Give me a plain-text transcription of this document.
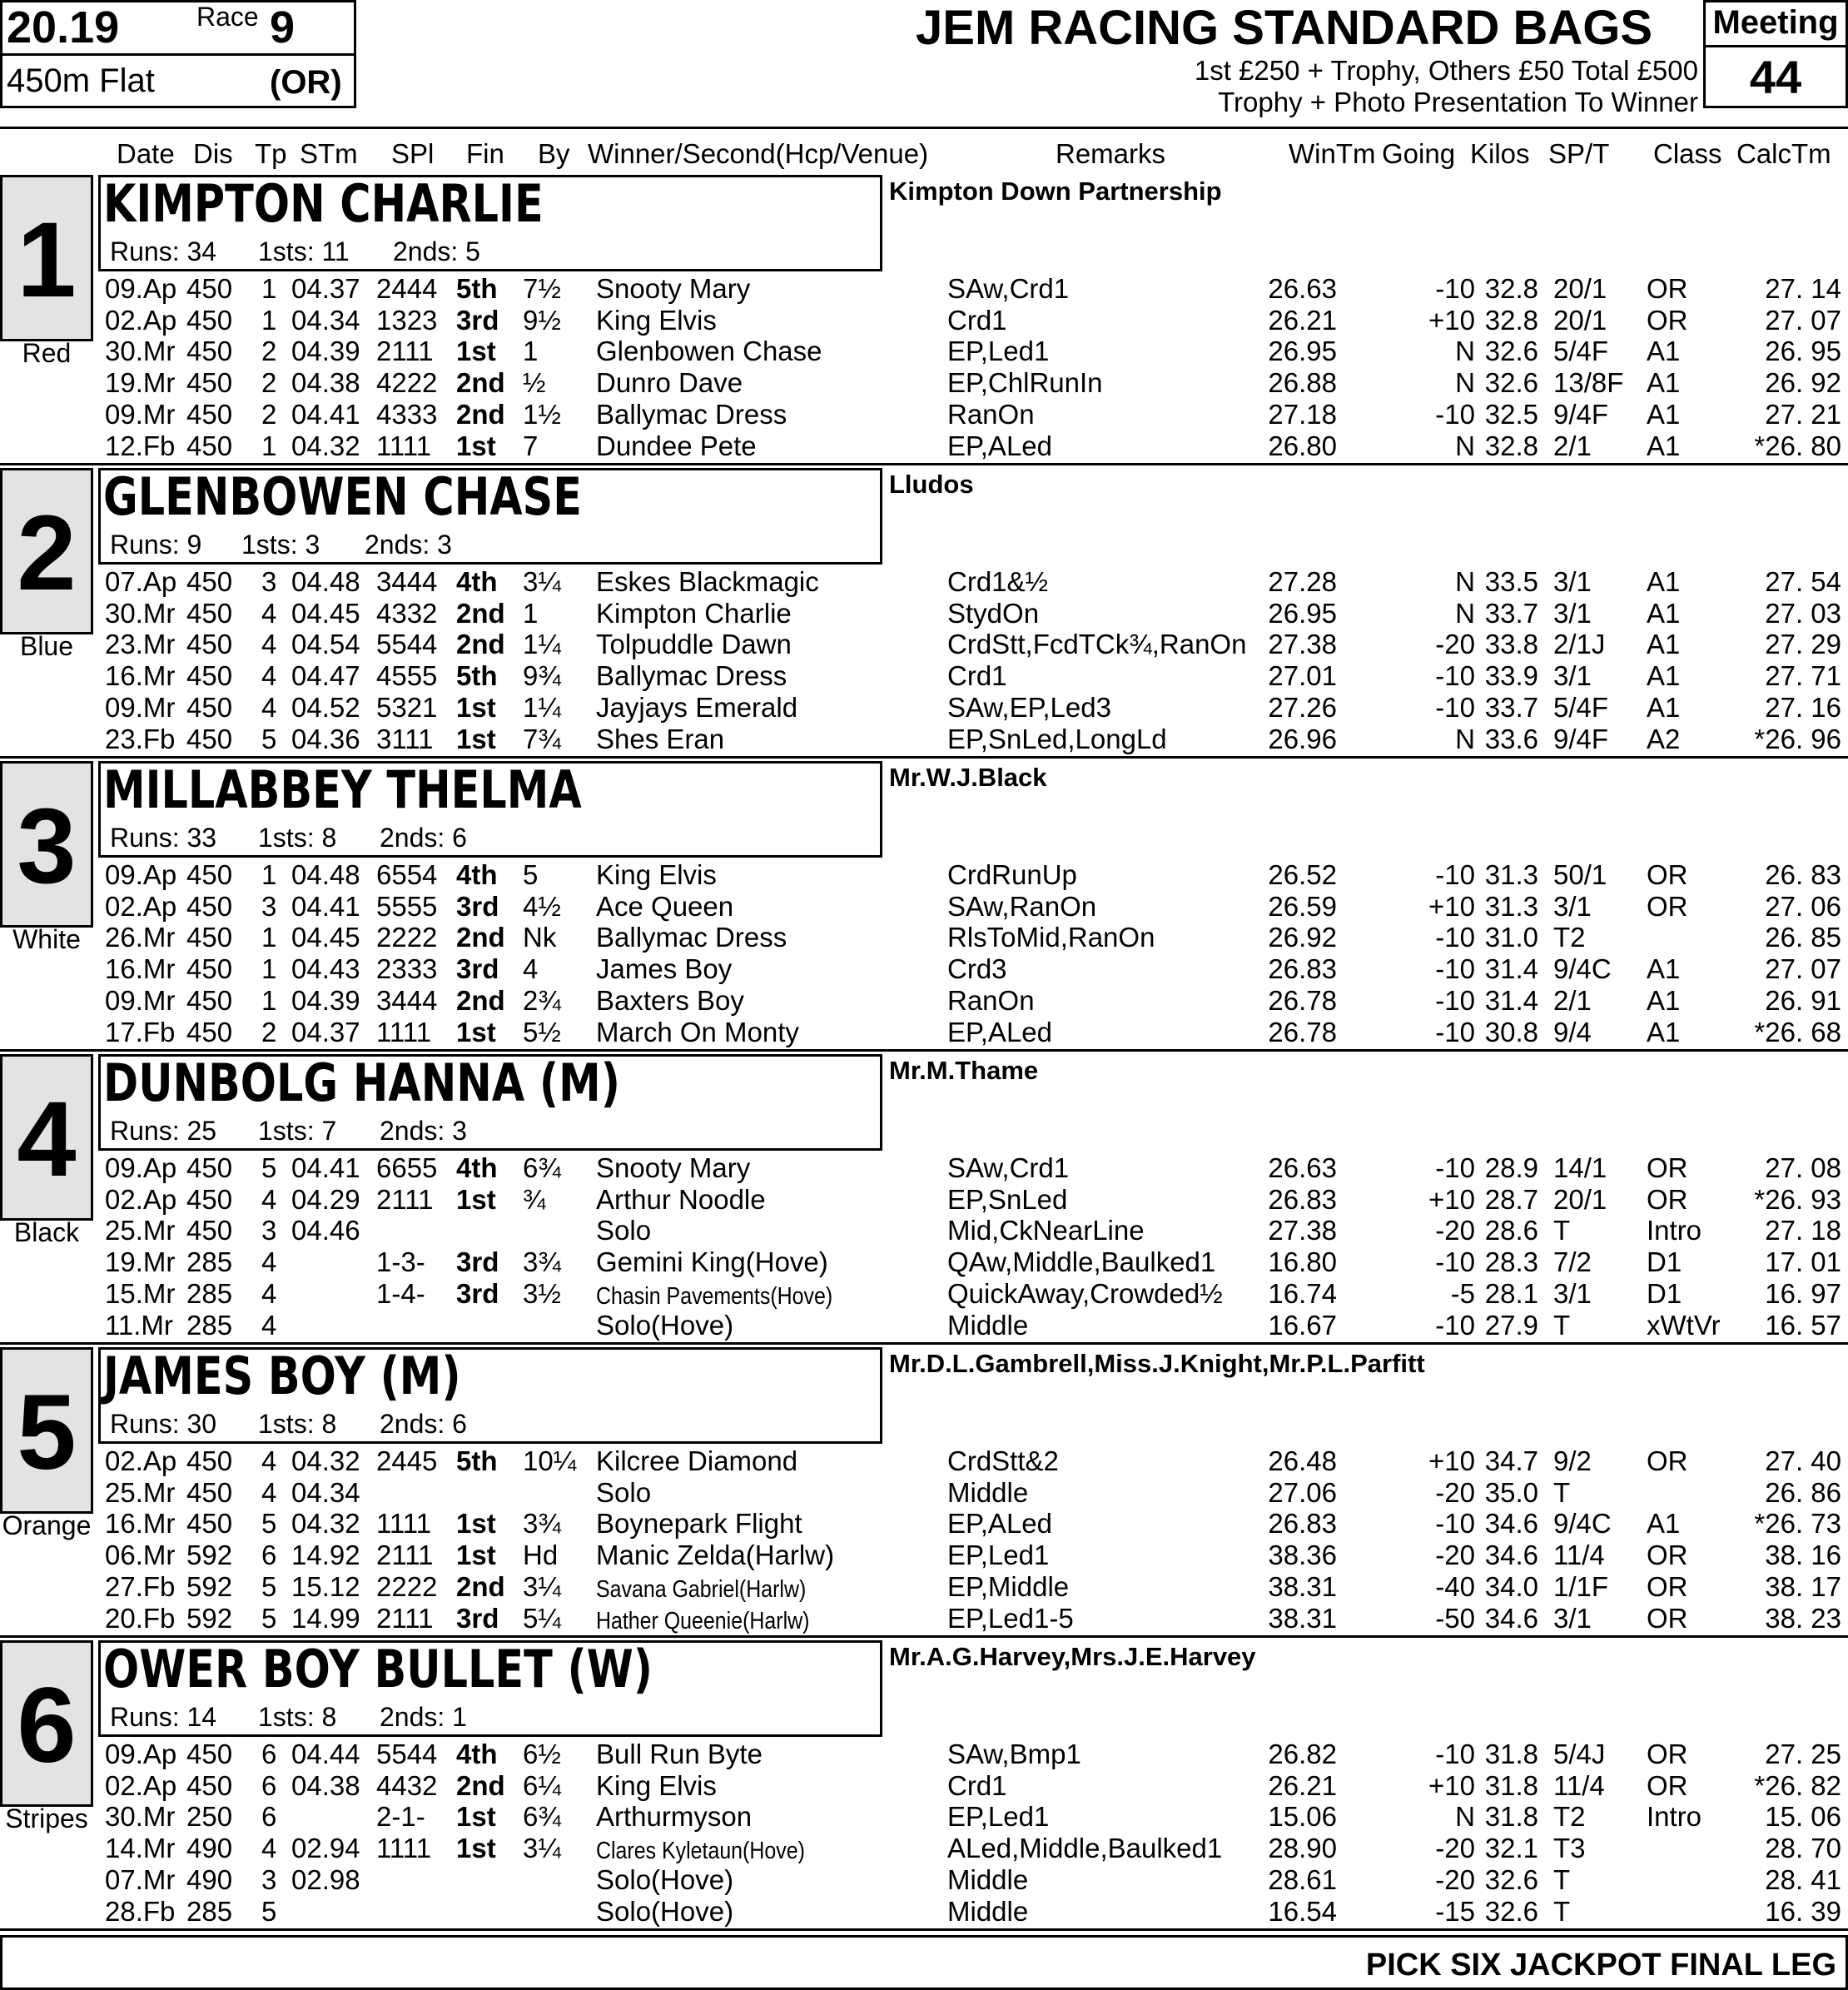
20.19	Race 9
450m Flat	(OR)
JEM RACING STANDARD BAGS
1st £250 + Trophy, Others £50 Total £500
Trophy + Photo Presentation To Winner
Meeting
44
Date Dis Tp STm SPl Fin By Winner/Second(Hcp/Venue)	Remarks	WinTm Going Kilos SP/T Class CalcTm
1
Red
KIMPTON CHARLIE
Runs: 34 1sts: 11 2nds: 5
Kimpton Down Partnership
09.Ap 450 1 04.37 2444 5th 7½	Snooty Mary	SAw,Crd1	26.63	-10 32.8 20/1	OR	27. 14
02.Ap 450 1 04.34 1323 3rd 9½	King Elvis	Crd1	26.21	+10 32.8 20/1	OR	27. 07
30.Mr 450 2 04.39 2111 1st 1	Glenbowen Chase	EP,Led1	26.95	N 32.6 5/4F	A1	26. 95
19.Mr 450 2 04.38 4222 2nd ½	Dunro Dave	EP,ChlRunIn	26.88	N 32.6 13/8F A1	26. 92
09.Mr 450 2 04.41 4333 2nd 1½	Ballymac Dress	RanOn	27.18	-10 32.5 9/4F	A1	27. 21
12.Fb 450 1 04.32 1111 1st 7	Dundee Pete	EP,ALed	26.80	N 32.8 2/1	A1	*26. 80
2
Blue
GLENBOWEN CHASE
Runs: 9 1sts: 3 2nds: 3
Lludos
07.Ap 450 3 04.48 3444 4th 3¼	Eskes Blackmagic	Crd1&½	27.28	N 33.5 3/1	A1	27. 54
30.Mr 450 4 04.45 4332 2nd 1	Kimpton Charlie	StydOn	26.95	N 33.7 3/1	A1	27. 03
23.Mr 450 4 04.54 5544 2nd 1¼	Tolpuddle Dawn	CrdStt,FcdTCk¾,RanOn 27.38	-20 33.8 2/1J	A1	27. 29
16.Mr 450 4 04.47 4555 5th 9¾	Ballymac Dress	Crd1	27.01	-10 33.9 3/1	A1	27. 71
09.Mr 450 4 04.52 5321 1st 1¼	Jayjays Emerald	SAw,EP,Led3	27.26	-10 33.7 5/4F	A1	27. 16
23.Fb 450 5 04.36 3111 1st 7¾	Shes Eran	EP,SnLed,LongLd	26.96	N 33.6 9/4F	A2	*26. 96
3
White
MILLABBEY THELMA
Runs: 33 1sts: 8 2nds: 6
Mr.W.J.Black
09.Ap 450 1 04.48 6554 4th 5	King Elvis	CrdRunUp	26.52	-10 31.3 50/1	OR	26. 83
02.Ap 450 3 04.41 5555 3rd 4½	Ace Queen	SAw,RanOn	26.59	+10 31.3 3/1	OR	27. 06
26.Mr 450 1 04.45 2222 2nd Nk	Ballymac Dress	RlsToMid,RanOn	26.92	-10 31.0 T2	26. 85
16.Mr 450 1 04.43 2333 3rd 4	James Boy	Crd3	26.83	-10 31.4 9/4C	A1	27. 07
09.Mr 450 1 04.39 3444 2nd 2¾	Baxters Boy	RanOn	26.78	-10 31.4 2/1	A1	26. 91
17.Fb 450 2 04.37 1111 1st 5½	March On Monty	EP,ALed	26.78	-10 30.8 9/4	A1	*26. 68
4
Black
DUNBOLG HANNA (M)
Runs: 25 1sts: 7 2nds: 3
Mr.M.Thame
09.Ap 450 5 04.41 6655 4th 6¾	Snooty Mary	SAw,Crd1	26.63	-10 28.9 14/1	OR	27. 08
02.Ap 450 4 04.29 2111 1st ¾	Arthur Noodle	EP,SnLed	26.83	+10 28.7 20/1	OR	*26. 93
25.Mr 450 3 04.46	Solo	Mid,CkNearLine	27.38	-20 28.6 T	Intro	27. 18
19.Mr 285 4	1-3-	3rd 3¾	Gemini King(Hove)	QAw,Middle,Baulked1	16.80	-10 28.3 7/2	D1	17. 01
15.Mr 285 4	1-4-	3rd 3½	Chasin Pavements(Hove)	QuickAway,Crowded½	16.74	-5 28.1 3/1	D1	16. 97
11.Mr 285 4	Solo(Hove)	Middle	16.67	-10 27.9 T	xWtVr	16. 57
5
Orange
JAMES BOY (M)
Runs: 30 1sts: 8 2nds: 6
Mr.D.L.Gambrell,Miss.J.Knight,Mr.P.L.Parfitt
02.Ap 450 4 04.32 2445 5th 10¼ Kilcree Diamond	CrdStt&2	26.48	+10 34.7 9/2	OR	27. 40
25.Mr 450 4 04.34	Solo	Middle	27.06	-20 35.0 T	26. 86
16.Mr 450 5 04.32 1111 1st 3¾	Boynepark Flight	EP,ALed	26.83	-10 34.6 9/4C	A1	*26. 73
06.Mr 592 6 14.92 2111 1st Hd	Manic Zelda(Harlw)	EP,Led1	38.36	-20 34.6 11/4	OR	38. 16
27.Fb 592 5 15.12 2222 2nd 3¼	Savana Gabriel(Harlw)	EP,Middle	38.31	-40 34.0 1/1F	OR	38. 17
20.Fb 592 5 14.99 2111 3rd 5¼	Hather Queenie(Harlw)	EP,Led1-5	38.31	-50 34.6 3/1	OR	38. 23
6
Stripes
OWER BOY BULLET (W)
Runs: 14 1sts: 8 2nds: 1
Mr.A.G.Harvey,Mrs.J.E.Harvey
09.Ap 450 6 04.44 5544 4th 6½	Bull Run Byte	SAw,Bmp1	26.82	-10 31.8 5/4J	OR	27. 25
02.Ap 450 6 04.38 4432 2nd 6¼	King Elvis	Crd1	26.21	+10 31.8 11/4	OR	*26. 82
30.Mr 250 6	2-1-	1st 6¾	Arthurmyson	EP,Led1	15.06	N 31.8 T2	Intro	15. 06
14.Mr 490 4 02.94 1111 1st 3¼	Clares Kyletaun(Hove)	ALed,Middle,Baulked1	28.90	-20 32.1 T3	28. 70
07.Mr 490 3 02.98	Solo(Hove)	Middle	28.61	-20 32.6 T	28. 41
28.Fb 285 5	Solo(Hove)	Middle	16.54	-15 32.6 T	16. 39
PICK SIX JACKPOT FINAL LEG
